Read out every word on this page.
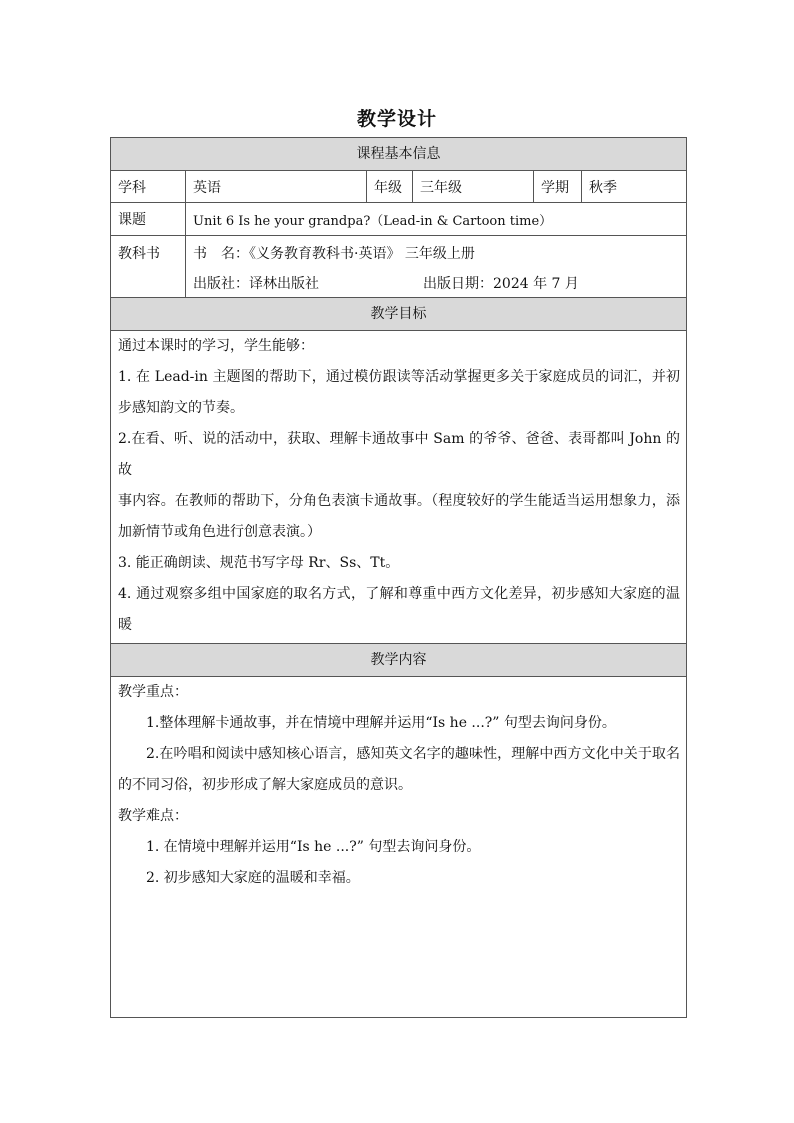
教学设计
课程基本信息
学科	英语	年级	三年级	学期	秋季
课题	Unit 6 Is he your grandpa?（Lead-in & Cartoon time）
教科书	书　名：《义务教育教科书·英语》 三年级上册
出版社：译林出版社	出版日期：2024 年 7 月
教学目标

通过本课时的学习，学生能够：

1. 在 Lead-in 主题图的帮助下，通过模仿跟读等活动掌握更多关于家庭成员的词汇，并初

步感知韵文的节奏。

2.在看、听、说的活动中，获取、理解卡通故事中 Sam 的爷爷、爸爸、表哥都叫 John 的故

事内容。在教师的帮助下，分角色表演卡通故事。（程度较好的学生能适当运用想象力，添

加新情节或角色进行创意表演。）

3. 能正确朗读、规范书写字母 Rr、Ss、Tt。

4. 通过观察多组中国家庭的取名方式，了解和尊重中西方文化差异，初步感知大家庭的温暖

教学内容

教学重点：

1.整体理解卡通故事，并在情境中理解并运用“Is he ...?” 句型去询问身份。

2.在吟唱和阅读中感知核心语言，感知英文名字的趣味性，理解中西方文化中关于取名

的不同习俗，初步形成了解大家庭成员的意识。

教学难点：

1. 在情境中理解并运用“Is he ...?” 句型去询问身份。

2. 初步感知大家庭的温暖和幸福。
